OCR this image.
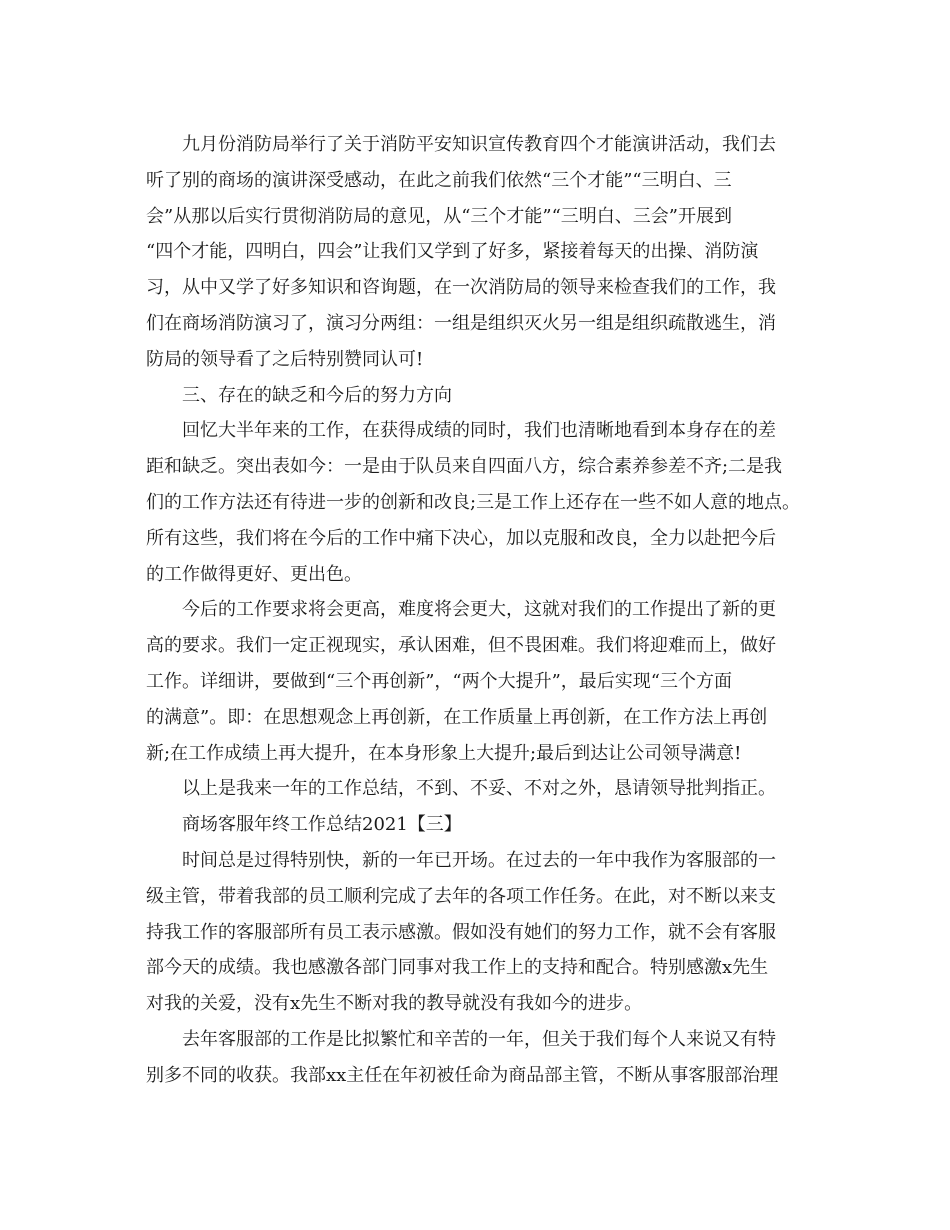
九月份消防局举行了关于消防平安知识宣传教育四个才能演讲活动，我们去
听了别的商场的演讲深受感动，在此之前我们依然“三个才能”“三明白、三
会”从那以后实行贯彻消防局的意见，从“三个才能”“三明白、三会”开展到
“四个才能，四明白，四会”让我们又学到了好多，紧接着每天的出操、消防演
习，从中又学了好多知识和咨询题，在一次消防局的领导来检查我们的工作，我
们在商场消防演习了，演习分两组：一组是组织灭火另一组是组织疏散逃生，消
防局的领导看了之后特别赞同认可!
三、存在的缺乏和今后的努力方向
回忆大半年来的工作，在获得成绩的同时，我们也清晰地看到本身存在的差
距和缺乏。突出表如今：一是由于队员来自四面八方，综合素养参差不齐;二是我
们的工作方法还有待进一步的创新和改良;三是工作上还存在一些不如人意的地点。
所有这些，我们将在今后的工作中痛下决心，加以克服和改良，全力以赴把今后
的工作做得更好、更出色。
今后的工作要求将会更高，难度将会更大，这就对我们的工作提出了新的更
高的要求。我们一定正视现实，承认困难，但不畏困难。我们将迎难而上，做好
工作。详细讲，要做到“三个再创新”，“两个大提升”，最后实现“三个方面
的满意”。即：在思想观念上再创新，在工作质量上再创新，在工作方法上再创
新;在工作成绩上再大提升，在本身形象上大提升;最后到达让公司领导满意!
以上是我来一年的工作总结，不到、不妥、不对之外，恳请领导批判指正。
商场客服年终工作总结2021【三】
时间总是过得特别快，新的一年已开场。在过去的一年中我作为客服部的一
级主管，带着我部的员工顺利完成了去年的各项工作任务。在此，对不断以来支
持我工作的客服部所有员工表示感激。假如没有她们的努力工作，就不会有客服
部今天的成绩。我也感激各部门同事对我工作上的支持和配合。特别感激x先生
对我的关爱，没有x先生不断对我的教导就没有我如今的进步。
去年客服部的工作是比拟繁忙和辛苦的一年，但关于我们每个人来说又有特
别多不同的收获。我部xx主任在年初被任命为商品部主管，不断从事客服部治理
